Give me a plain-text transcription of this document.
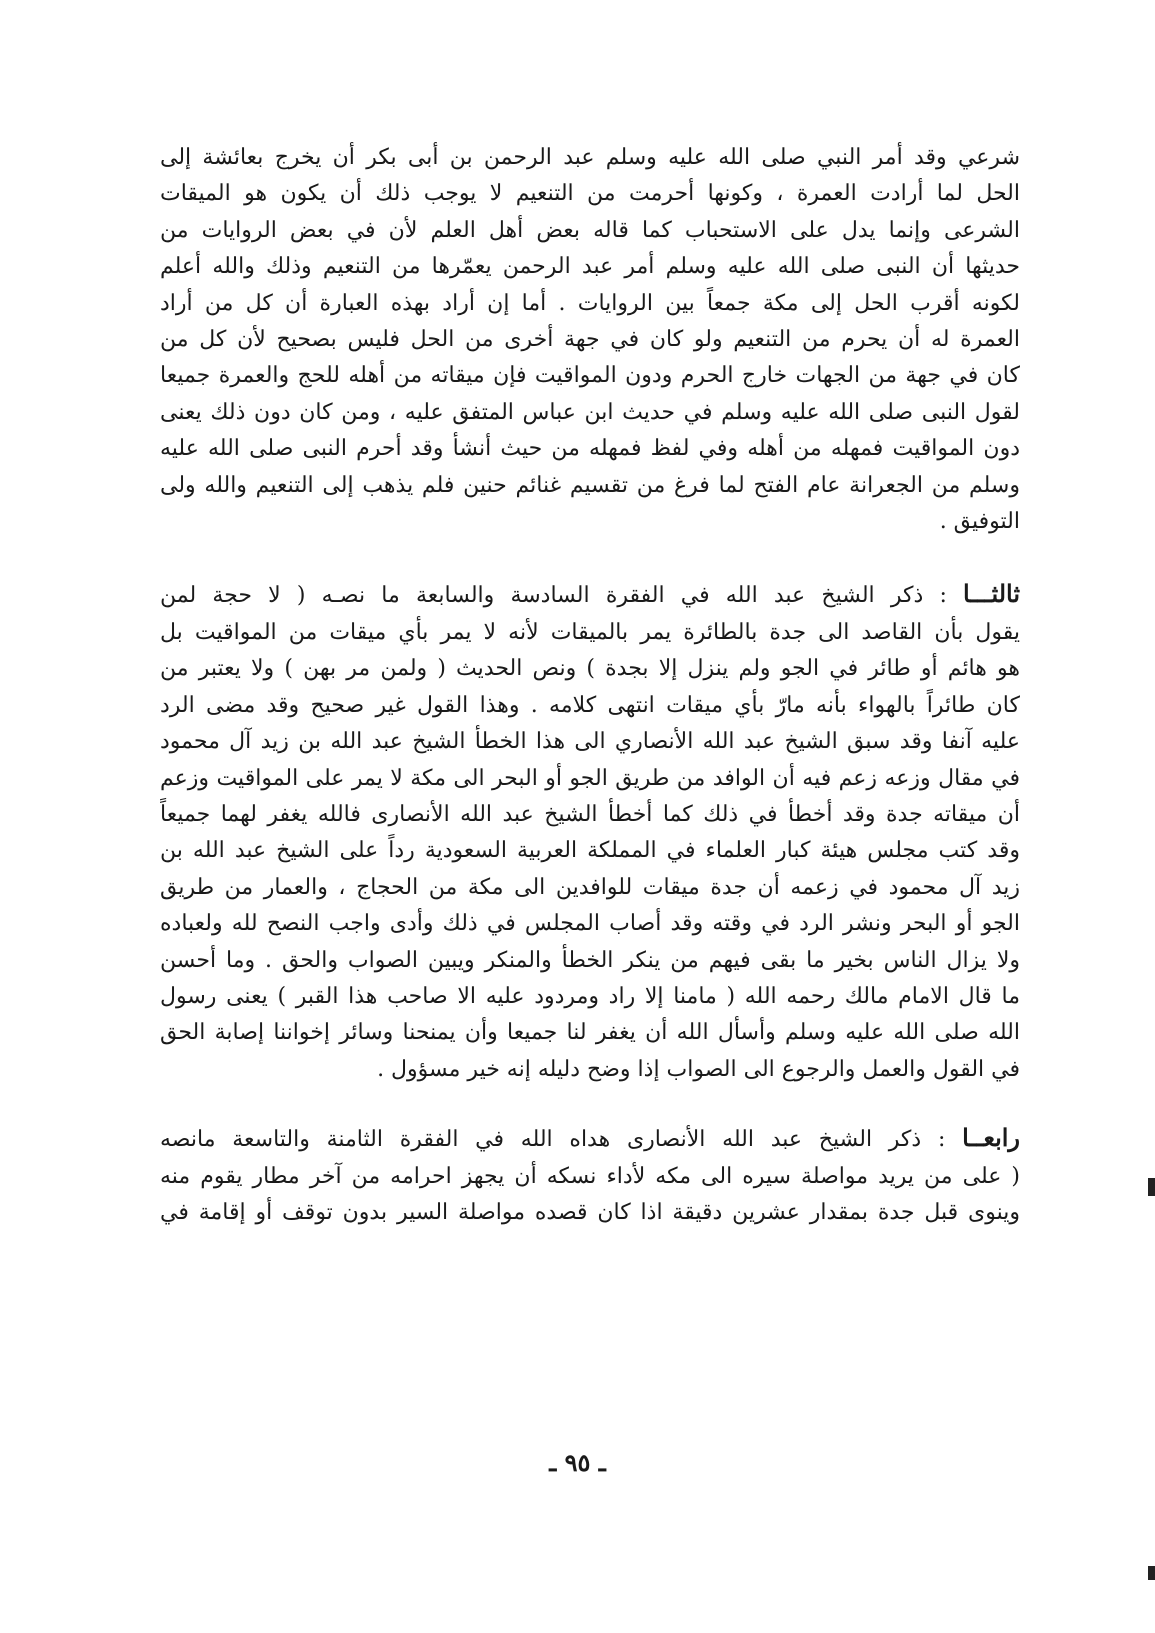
شرعي وقد أمر النبي صلى الله عليه وسلم عبد الرحمن بن أبى بكر أن يخرج بعائشة إلى
الحل لما أرادت العمرة ، وكونها أحرمت من التنعيم لا يوجب ذلك أن يكون هو الميقات
الشرعى وإنما يدل على الاستحباب كما قاله بعض أهل العلم لأن في بعض الروايات من
حديثها أن النبى صلى الله عليه وسلم أمر عبد الرحمن يعمّرها من التنعيم وذلك والله أعلم
لكونه أقرب الحل إلى مكة جمعاً بين الروايات . أما إن أراد بهذه العبارة أن كل من أراد
العمرة له أن يحرم من التنعيم ولو كان في جهة أخرى من الحل فليس بصحيح لأن كل من
كان في جهة من الجهات خارج الحرم ودون المواقيت فإن ميقاته من أهله للحج والعمرة جميعا
لقول النبى صلى الله عليه وسلم في حديث ابن عباس المتفق عليه ، ومن كان دون ذلك يعنى
دون المواقيت فمهله من أهله وفي لفظ فمهله من حيث أنشأ وقد أحرم النبى صلى الله عليه
وسلم من الجعرانة عام الفتح لما فرغ من تقسيم غنائم حنين فلم يذهب إلى التنعيم والله ولى
التوفيق .
ثالثـــا : ذكر الشيخ عبد الله في الفقرة السادسة والسابعة ما نصـه ( لا حجة لمن
يقول بأن القاصد الى جدة بالطائرة يمر بالميقات لأنه لا يمر بأي ميقات من المواقيت بل
هو هائم أو طائر في الجو ولم ينزل إلا بجدة ) ونص الحديث ( ولمن مر بهن ) ولا يعتبر من
كان طائراً بالهواء بأنه مارّ بأي ميقات انتهى كلامه . وهذا القول غير صحيح وقد مضى الرد
عليه آنفا وقد سبق الشيخ عبد الله الأنصاري الى هذا الخطأ الشيخ عبد الله بن زيد آل محمود
في مقال وزعه زعم فيه أن الوافد من طريق الجو أو البحر الى مكة لا يمر على المواقيت وزعم
أن ميقاته جدة وقد أخطأ في ذلك كما أخطأ الشيخ عبد الله الأنصارى فالله يغفر لهما جميعاً
وقد كتب مجلس هيئة كبار العلماء في المملكة العربية السعودية رداً على الشيخ عبد الله بن
زيد آل محمود في زعمه أن جدة ميقات للوافدين الى مكة من الحجاج ، والعمار من طريق
الجو أو البحر ونشر الرد في وقته وقد أصاب المجلس في ذلك وأدى واجب النصح لله ولعباده
ولا يزال الناس بخير ما بقى فيهم من ينكر الخطأ والمنكر ويبين الصواب والحق . وما أحسن
ما قال الامام مالك رحمه الله ( مامنا إلا راد ومردود عليه الا صاحب هذا القبر ) يعنى رسول
الله صلى الله عليه وسلم وأسأل الله أن يغفر لنا جميعا وأن يمنحنا وسائر إخواننا إصابة الحق
في القول والعمل والرجوع الى الصواب إذا وضح دليله إنه خير مسؤول .
رابعــا : ذكر الشيخ عبد الله الأنصارى هداه الله في الفقرة الثامنة والتاسعة مانصه
( على من يريد مواصلة سيره الى مكه لأداء نسكه أن يجهز احرامه من آخر مطار يقوم منه
وينوى قبل جدة بمقدار عشرين دقيقة اذا كان قصده مواصلة السير بدون توقف أو إقامة في
ـ ٩٥ ـ
